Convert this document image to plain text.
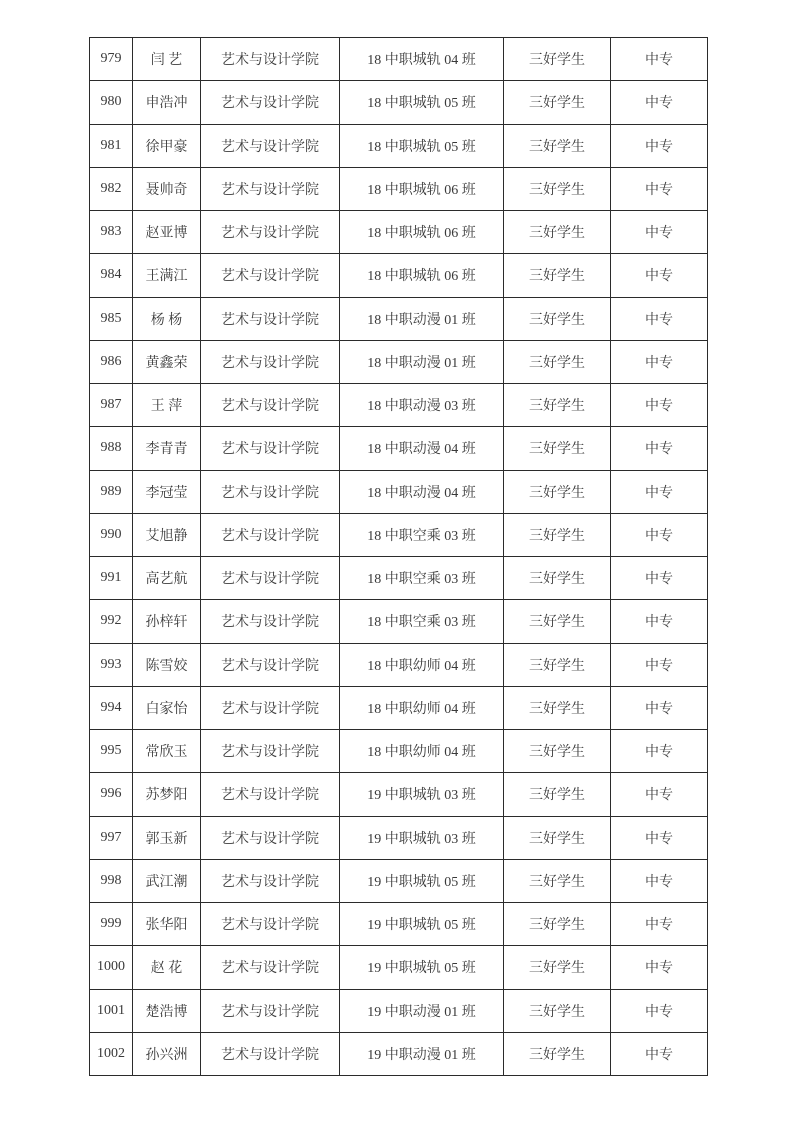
979	闫 艺	艺术与设计学院	18 中职城轨 04 班	三好学生	中专
980	申浩冲	艺术与设计学院	18 中职城轨 05 班	三好学生	中专
981	徐甲豪	艺术与设计学院	18 中职城轨 05 班	三好学生	中专
982	聂帅奇	艺术与设计学院	18 中职城轨 06 班	三好学生	中专
983	赵亚博	艺术与设计学院	18 中职城轨 06 班	三好学生	中专
984	王满江	艺术与设计学院	18 中职城轨 06 班	三好学生	中专
985	杨 杨	艺术与设计学院	18 中职动漫 01 班	三好学生	中专
986	黄鑫荣	艺术与设计学院	18 中职动漫 01 班	三好学生	中专
987	王 萍	艺术与设计学院	18 中职动漫 03 班	三好学生	中专
988	李青青	艺术与设计学院	18 中职动漫 04 班	三好学生	中专
989	李冠莹	艺术与设计学院	18 中职动漫 04 班	三好学生	中专
990	艾旭静	艺术与设计学院	18 中职空乘 03 班	三好学生	中专
991	高艺航	艺术与设计学院	18 中职空乘 03 班	三好学生	中专
992	孙梓轩	艺术与设计学院	18 中职空乘 03 班	三好学生	中专
993	陈雪姣	艺术与设计学院	18 中职幼师 04 班	三好学生	中专
994	白家怡	艺术与设计学院	18 中职幼师 04 班	三好学生	中专
995	常欣玉	艺术与设计学院	18 中职幼师 04 班	三好学生	中专
996	苏梦阳	艺术与设计学院	19 中职城轨 03 班	三好学生	中专
997	郭玉新	艺术与设计学院	19 中职城轨 03 班	三好学生	中专
998	武江潮	艺术与设计学院	19 中职城轨 05 班	三好学生	中专
999	张华阳	艺术与设计学院	19 中职城轨 05 班	三好学生	中专
1000	赵 花	艺术与设计学院	19 中职城轨 05 班	三好学生	中专
1001	楚浩博	艺术与设计学院	19 中职动漫 01 班	三好学生	中专
1002	孙兴洲	艺术与设计学院	19 中职动漫 01 班	三好学生	中专
